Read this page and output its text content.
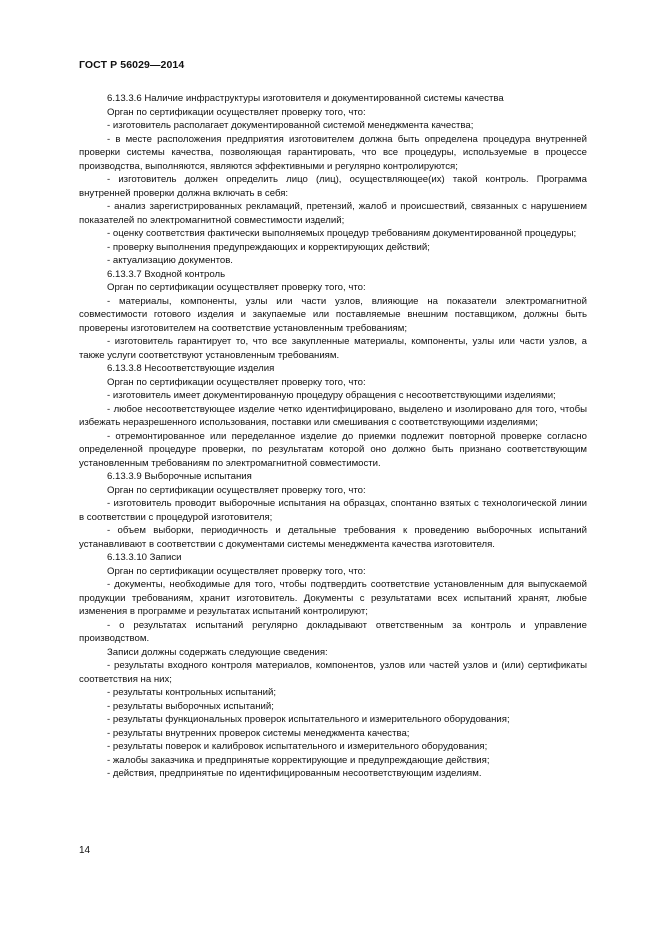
ГОСТ Р 56029—2014

6.13.3.6 Наличие инфраструктуры изготовителя и документированной системы качества

Орган по сертификации осуществляет проверку того, что:

- изготовитель располагает документированной системой менеджмента качества;

- в месте расположения предприятия изготовителем должна быть определена процедура внутренней проверки системы качества, позволяющая гарантировать, что все процедуры, используемые в процессе производства, выполняются, являются эффективными и регулярно контролируются;

- изготовитель должен определить лицо (лиц), осуществляющее(их) такой контроль. Программа внутренней проверки должна включать в себя:

- анализ зарегистрированных рекламаций, претензий, жалоб и происшествий, связанных с нарушением показателей по электромагнитной совместимости изделий;

- оценку соответствия фактически выполняемых процедур требованиям документированной процедуры;

- проверку выполнения предупреждающих и корректирующих действий;

- актуализацию документов.

6.13.3.7 Входной контроль

Орган по сертификации осуществляет проверку того, что:

- материалы, компоненты, узлы или части узлов, влияющие на показатели электромагнитной совместимости готового изделия и закупаемые или поставляемые внешним поставщиком, должны быть проверены изготовителем на соответствие установленным требованиям;

- изготовитель гарантирует то, что все закупленные материалы, компоненты, узлы или части узлов, а также услуги соответствуют установленным требованиям.

6.13.3.8 Несоответствующие изделия

Орган по сертификации осуществляет проверку того, что:

- изготовитель имеет документированную процедуру обращения с несоответствующими изделиями;

- любое несоответствующее изделие четко идентифицировано, выделено и изолировано для того, чтобы избежать неразрешенного использования, поставки или смешивания с соответствующими изделиями;

- отремонтированное или переделанное изделие до приемки подлежит повторной проверке согласно определенной процедуре проверки, по результатам которой оно должно быть признано соответствующим установленным требованиям по электромагнитной совместимости.

6.13.3.9 Выборочные испытания

Орган по сертификации осуществляет проверку того, что:

- изготовитель проводит выборочные испытания на образцах, спонтанно взятых с технологической линии в соответствии с процедурой изготовителя;

- объем выборки, периодичность и детальные требования к проведению выборочных испытаний устанавливают в соответствии с документами системы менеджмента качества изготовителя.

6.13.3.10 Записи

Орган по сертификации осуществляет проверку того, что:

- документы, необходимые для того, чтобы подтвердить соответствие установленным для выпускаемой продукции требованиям, хранит изготовитель. Документы с результатами всех испытаний хранят, любые изменения в программе и результатах испытаний контролируют;

- о результатах испытаний регулярно докладывают ответственным за контроль и управление производством.

Записи должны содержать следующие сведения:

- результаты входного контроля материалов, компонентов, узлов или частей узлов и (или) сертификаты соответствия на них;

- результаты контрольных испытаний;

- результаты выборочных испытаний;

- результаты функциональных проверок испытательного и измерительного оборудования;

- результаты внутренних проверок системы менеджмента качества;

- результаты поверок и калибровок испытательного и измерительного оборудования;

- жалобы заказчика и предпринятые корректирующие и предупреждающие действия;

- действия, предпринятые по идентифицированным несоответствующим изделиям.

14
